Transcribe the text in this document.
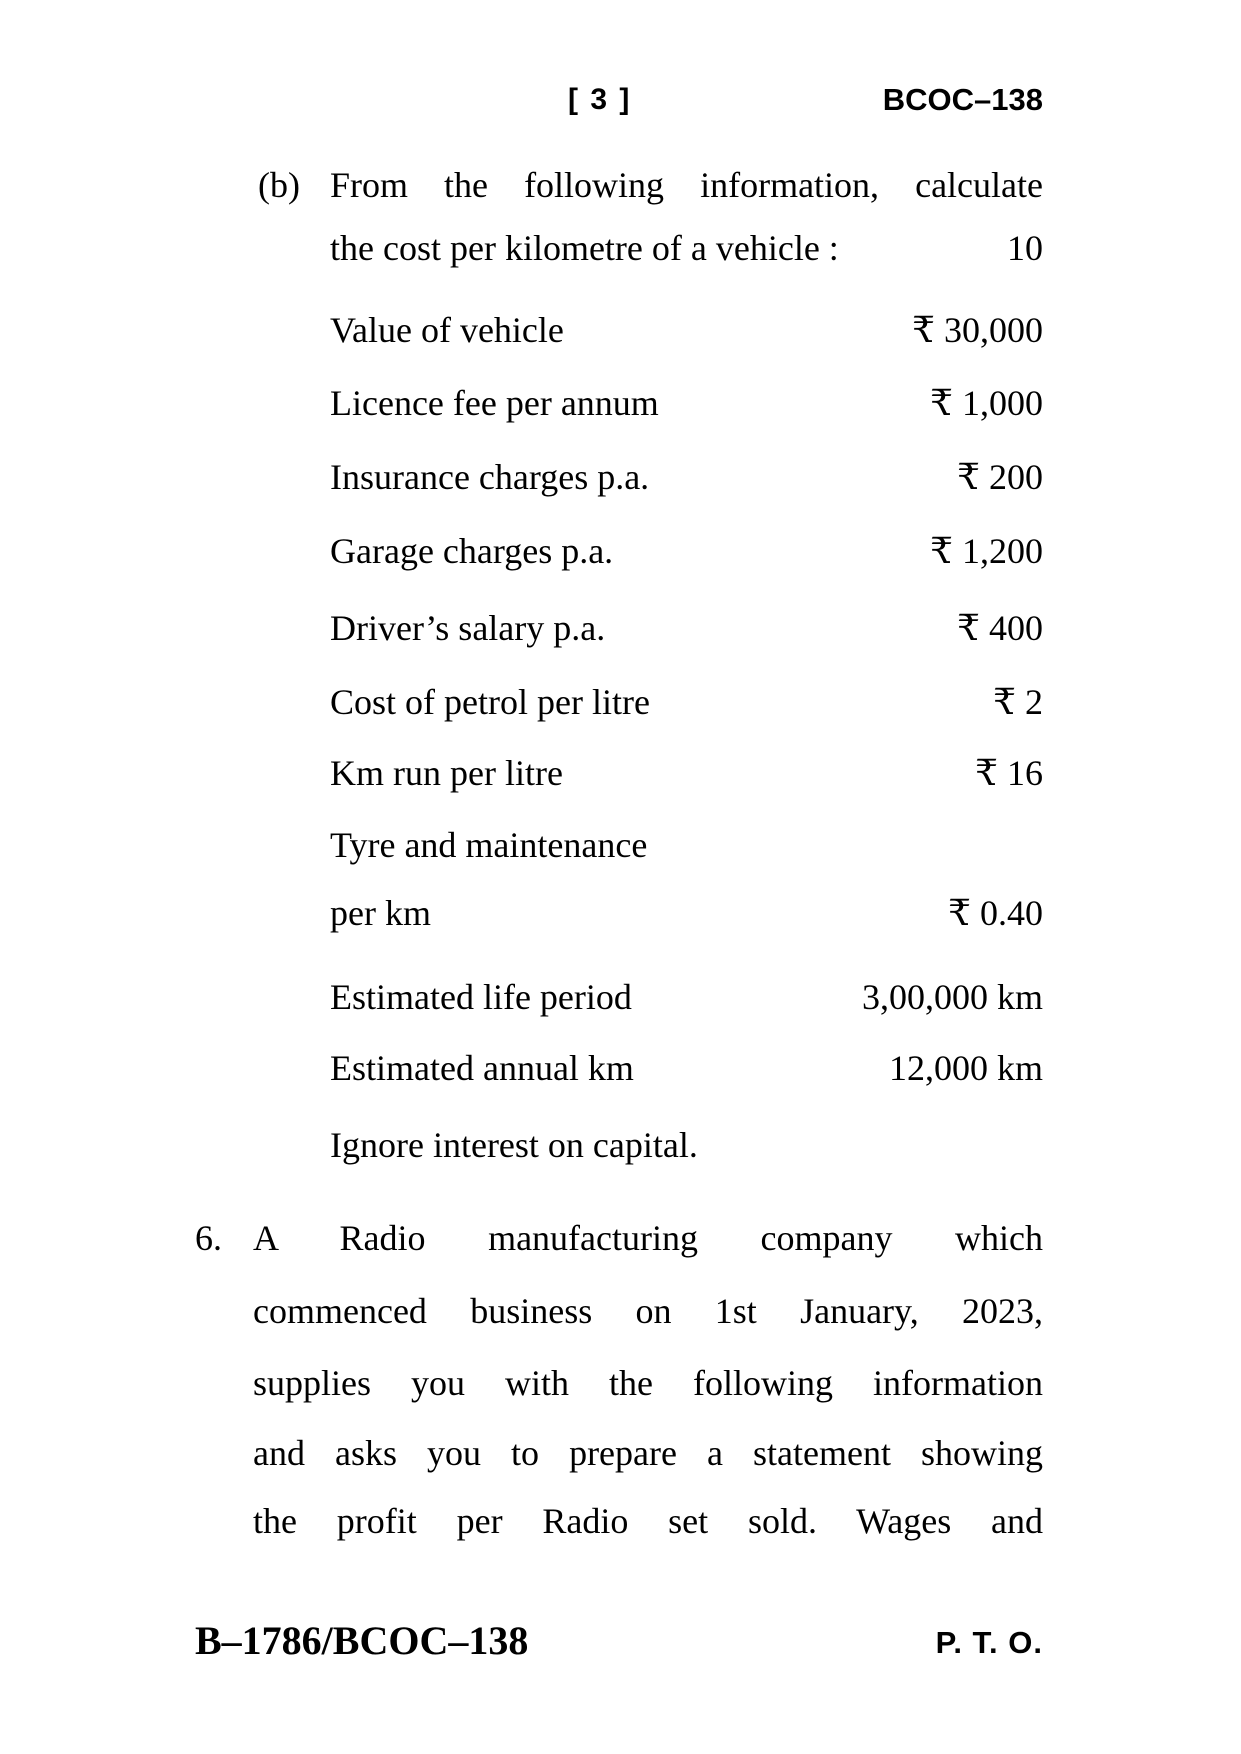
[ 3 ]	BCOC–138
(b) From the following information, calculate
the cost per kilometre of a vehicle :	10
Value of vehicle	₹ 30,000
Licence fee per annum	₹ 1,000
Insurance charges p.a.	₹ 200
Garage charges p.a.	₹ 1,200
Driver’s salary p.a.	₹ 400
Cost of petrol per litre	₹ 2
Km run per litre	₹ 16
Tyre and maintenance
per km	₹ 0.40
Estimated life period	3,00,000 km
Estimated annual km	12,000 km
Ignore interest on capital.
6. A Radio manufacturing company which
commenced business on 1st January, 2023,
supplies you with the following information
and asks you to prepare a statement showing
the profit per Radio set sold. Wages and
B–1786/BCOC–138	P. T. O.
